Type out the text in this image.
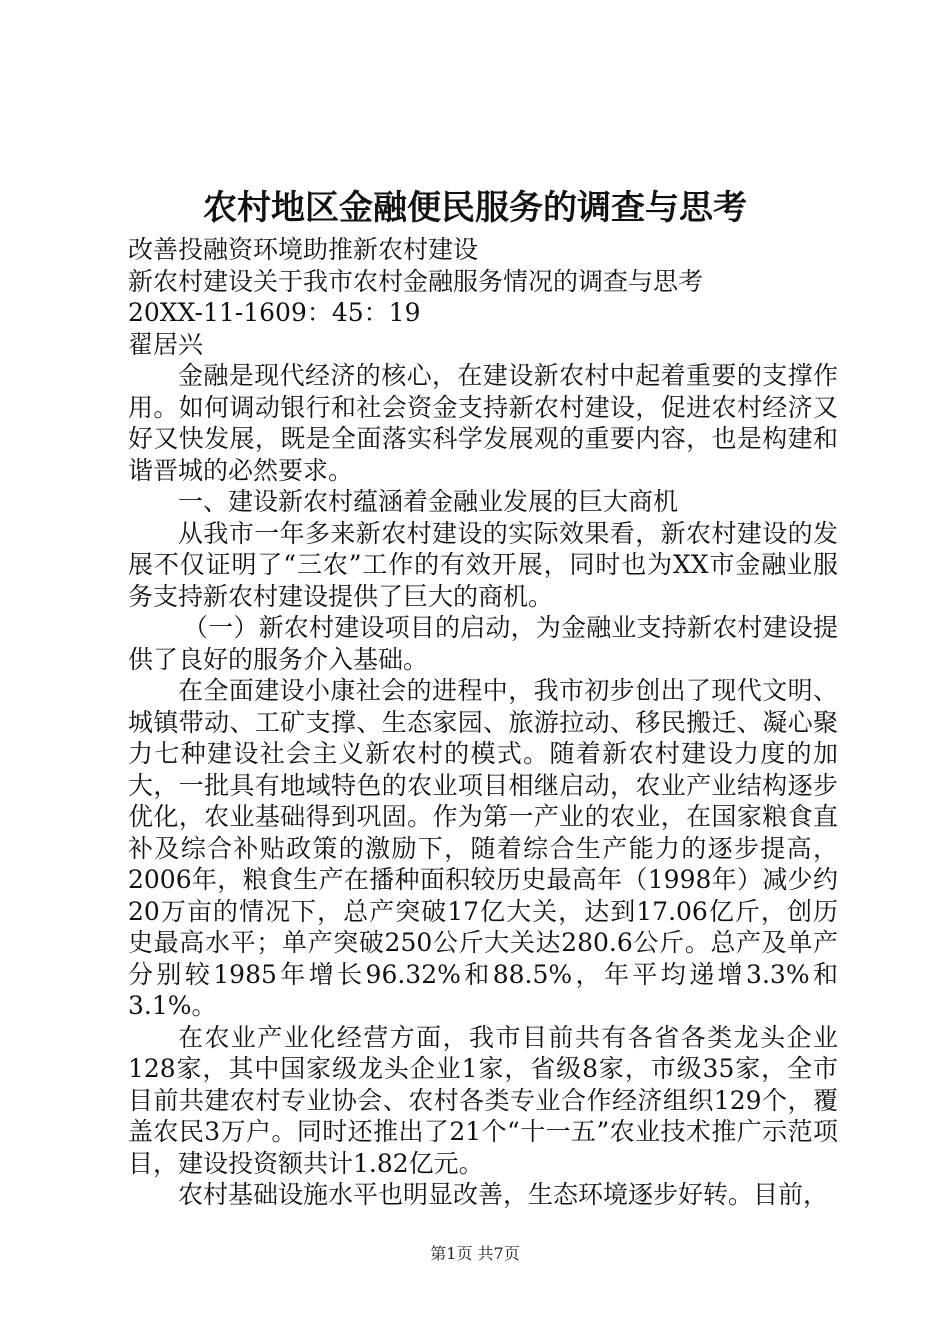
农村地区金融便民服务的调查与思考

改善投融资环境助推新农村建设

新农村建设关于我市农村金融服务情况的调查与思考

20XX-11-1609：45：19

翟居兴

金融是现代经济的核心，在建设新农村中起着重要的支撑作用。如何调动银行和社会资金支持新农村建设，促进农村经济又好又快发展，既是全面落实科学发展观的重要内容，也是构建和谐晋城的必然要求。

一、建设新农村蕴涵着金融业发展的巨大商机

从我市一年多来新农村建设的实际效果看，新农村建设的发展不仅证明了“三农”工作的有效开展，同时也为XX市金融业服务支持新农村建设提供了巨大的商机。

（一）新农村建设项目的启动，为金融业支持新农村建设提供了良好的服务介入基础。

在全面建设小康社会的进程中，我市初步创出了现代文明、城镇带动、工矿支撑、生态家园、旅游拉动、移民搬迁、凝心聚力七种建设社会主义新农村的模式。随着新农村建设力度的加大，一批具有地域特色的农业项目相继启动，农业产业结构逐步优化，农业基础得到巩固。作为第一产业的农业，在国家粮食直补及综合补贴政策的激励下，随着综合生产能力的逐步提高，2006年，粮食生产在播种面积较历史最高年（1998年）减少约20万亩的情况下，总产突破17亿大关，达到17.06亿斤，创历史最高水平；单产突破250公斤大关达280.6公斤。总产及单产分别较1985年增长96.32%和88.5%，年平均递增3.3%和3.1%。

在农业产业化经营方面，我市目前共有各省各类龙头企业128家，其中国家级龙头企业1家，省级8家，市级35家，全市目前共建农村专业协会、农村各类专业合作经济组织129个，覆盖农民3万户。同时还推出了21个“十一五”农业技术推广示范项目，建设投资额共计1.82亿元。

农村基础设施水平也明显改善，生态环境逐步好转。目前，

第1页 共7页
